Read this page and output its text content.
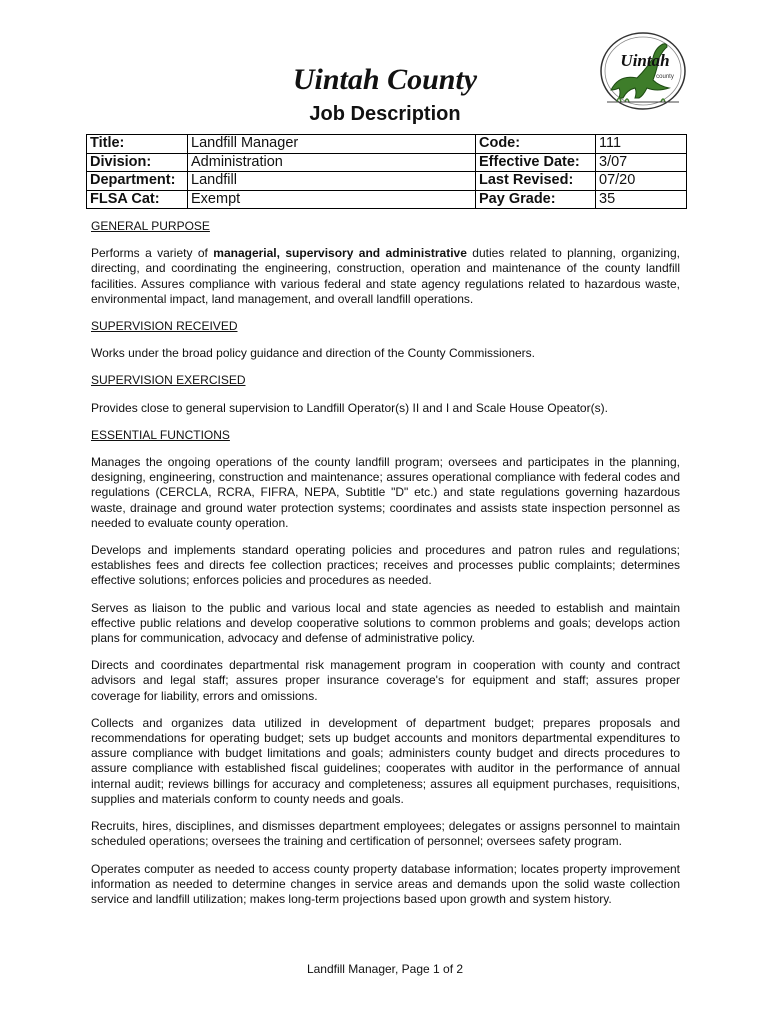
Uintah
county
Uintah County
Job Description
Title:	Landfill Manager	Code:	111
Division:	Administration	Effective Date:	3/07
Department:	Landfill	Last Revised:	07/20
FLSA Cat:	Exempt	Pay Grade:	35
GENERAL PURPOSE
Performs a variety of managerial, supervisory and administrative duties related to planning, organizing, directing, and coordinating the engineering, construction, operation and maintenance of the county landfill facilities. Assures compliance with various federal and state agency regulations related to hazardous waste, environmental impact, land management, and overall landfill operations.
SUPERVISION RECEIVED
Works under the broad policy guidance and direction of the County Commissioners.
SUPERVISION EXERCISED
Provides close to general supervision to Landfill Operator(s) II and I and Scale House Opeator(s).
ESSENTIAL FUNCTIONS
Manages the ongoing operations of the county landfill program; oversees and participates in the planning, designing, engineering, construction and maintenance; assures operational compliance with federal codes and regulations (CERCLA, RCRA, FIFRA, NEPA, Subtitle "D" etc.) and state regulations governing hazardous waste, drainage and ground water protection systems; coordinates and assists state inspection personnel as needed to evaluate county operation.
Develops and implements standard operating policies and procedures and patron rules and regulations; establishes fees and directs fee collection practices; receives and processes public complaints; determines effective solutions; enforces policies and procedures as needed.
Serves as liaison to the public and various local and state agencies as needed to establish and maintain effective public relations and develop cooperative solutions to common problems and goals; develops action plans for communication, advocacy and defense of administrative policy.
Directs and coordinates departmental risk management program in cooperation with county and contract advisors and legal staff; assures proper insurance coverage's for equipment and staff; assures proper coverage for liability, errors and omissions.
Collects and organizes data utilized in development of department budget; prepares proposals and recommendations for operating budget; sets up budget accounts and monitors departmental expenditures to assure compliance with budget limitations and goals; administers county budget and directs procedures to assure compliance with established fiscal guidelines; cooperates with auditor in the performance of annual internal audit; reviews billings for accuracy and completeness; assures all equipment purchases, requisitions, supplies and materials conform to county needs and goals.
Recruits, hires, disciplines, and dismisses department employees; delegates or assigns personnel to maintain scheduled operations; oversees the training and certification of personnel; oversees safety program.
Operates computer as needed to access county property database information; locates property improvement information as needed to determine changes in service areas and demands upon the solid waste collection service and landfill utilization; makes long-term projections based upon growth and system history.
Landfill Manager, Page 1 of 2
